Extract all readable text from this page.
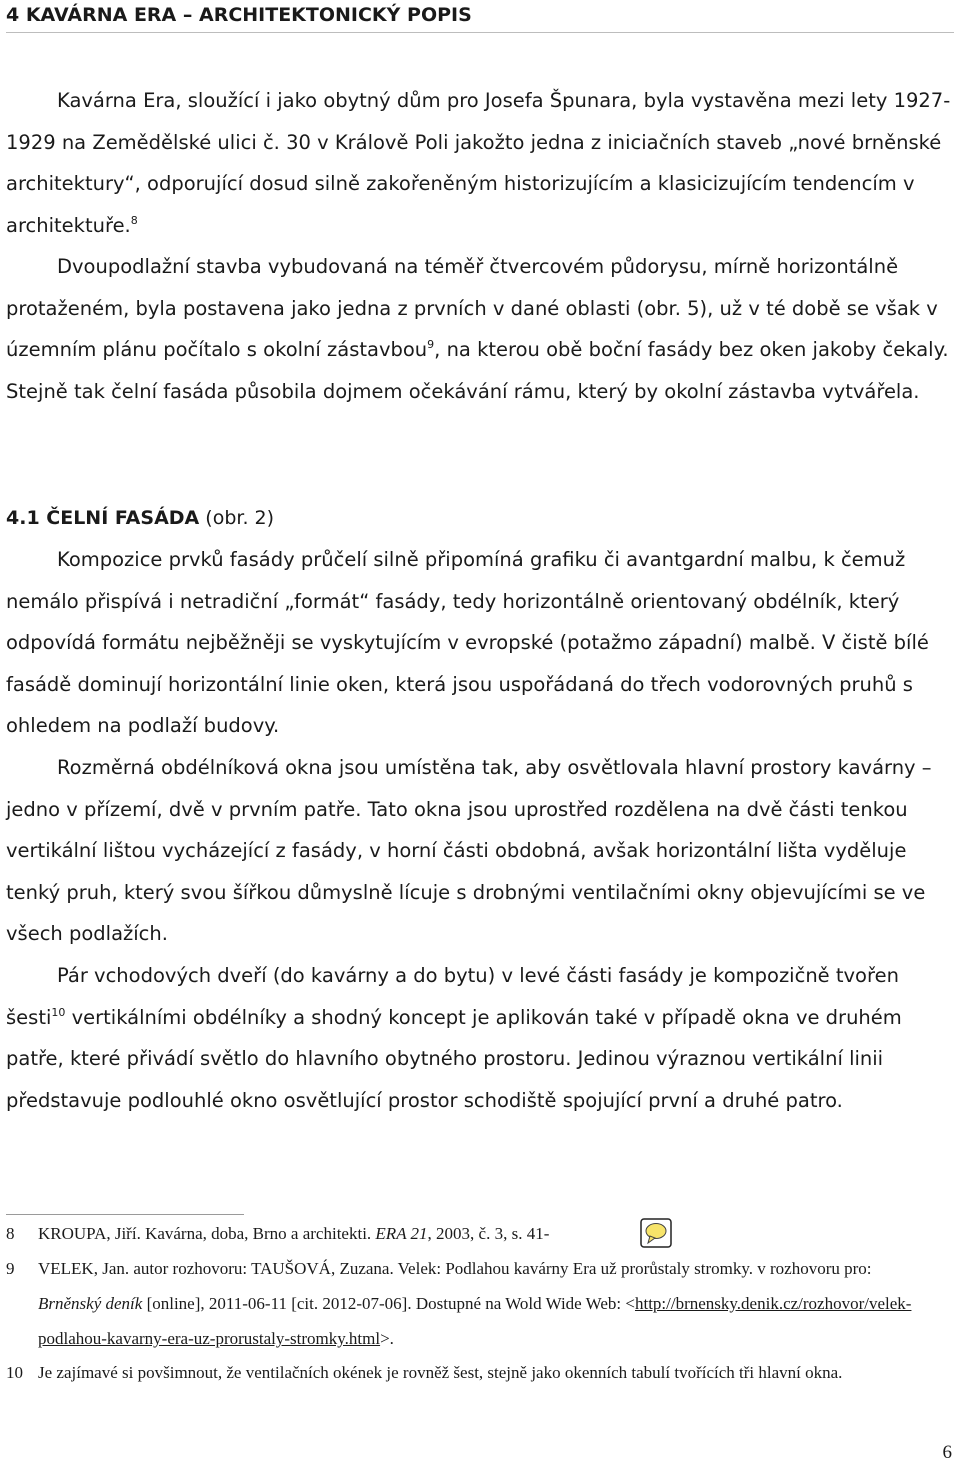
4 KAVÁRNA ERA – ARCHITEKTONICKÝ POPIS

Kavárna Era, sloužící i jako obytný dům pro Josefa Špunara, byla vystavěna mezi lety 1927-1929 na Zemědělské ulici č. 30 v Králově Poli jakožto jedna z iniciačních staveb „nové brněnské architektury“, odporující dosud silně zakořeněným historizujícím a klasicizujícím tendencím v architektuře.$^8$

Dvoupodlažní stavba vybudovaná na téměř čtvercovém půdorysu, mírně horizontálně protaženém, byla postavena jako jedna z prvních v dané oblasti (obr. 5), už v té době se však v územním plánu počítalo s okolní zástavbou$^9$, na kterou obě boční fasády bez oken jakoby čekaly. Stejně tak čelní fasáda působila dojmem očekávání rámu, který by okolní zástavba vytvářela.

4.1 ČELNÍ FASÁDA (obr. 2)

Kompozice prvků fasády průčelí silně připomíná grafiku či avantgardní malbu, k čemuž nemálo přispívá i netradiční „formát“ fasády, tedy horizontálně orientovaný obdélník, který odpovídá formátu nejběžněji se vyskytujícím v evropské (potažmo západní) malbě. V čistě bílé fasádě dominují horizontální linie oken, která jsou uspořádaná do třech vodorovných pruhů s ohledem na podlaží budovy.

Rozměrná obdélníková okna jsou umístěna tak, aby osvětlovala hlavní prostory kavárny – jedno v přízemí, dvě v prvním patře. Tato okna jsou uprostřed rozdělena na dvě části tenkou vertikální lištou vycházející z fasády, v horní části obdobná, avšak horizontální lišta vyděluje tenký pruh, který svou šířkou důmyslně lícuje s drobnými ventilačními okny objevujícími se ve všech podlažích.

Pár vchodových dveří (do kavárny a do bytu) v levé části fasády je kompozičně tvořen šesti$^{10}$ vertikálními obdélníky a shodný koncept je aplikován také v případě okna ve druhém patře, které přivádí světlo do hlavního obytného prostoru. Jedinou výraznou vertikální linii představuje podlouhlé okno osvětlující prostor schodiště spojující první a druhé patro.

8	KROUPA, Jiří. Kavárna, doba, Brno a architekti. ERA 21, 2003, č. 3, s. 41-
9	VELEK, Jan. autor rozhovoru: TAUŠOVÁ, Zuzana. Velek: Podlahou kavárny Era už prorůstaly stromky. v rozhovoru pro: Brněnský deník [online], 2011-06-11 [cit. 2012-07-06]. Dostupné na Wold Wide Web: <http://brnensky.denik.cz/rozhovor/velek-podlahou-kavarny-era-uz-prorustaly-stromky.html>.
10 Je zajímavé si povšimnout, že ventilačních okének je rovněž šest, stejně jako okenních tabulí tvořících tři hlavní okna.
6
